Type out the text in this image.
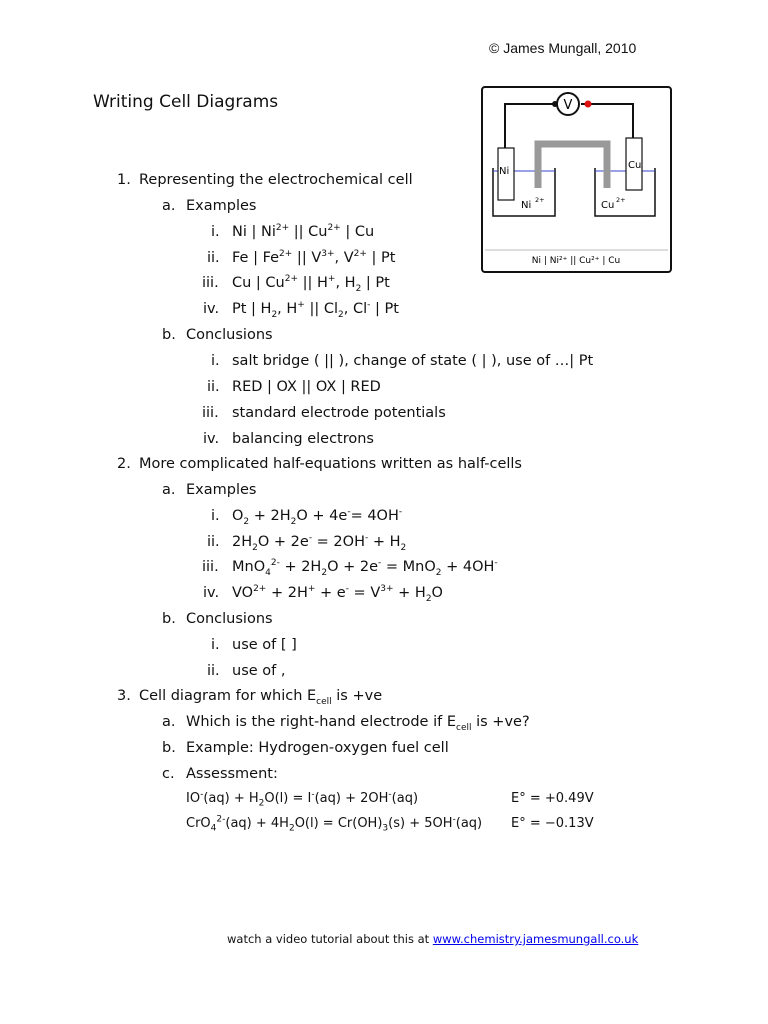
© James Mungall, 2010
Writing Cell Diagrams	V
Ni
Cu
Ni 2+	Cu 2+
Ni | Ni²⁺ || Cu²⁺ | Cu
1. Representing the electrochemical cell
a. Examples
i. Ni | $Ni^{2+}$ || $Cu^{2+}$ | Cu
ii. Fe | $Fe^{2+}$ || $V^{3+}$, $V^{2+}$ | Pt
iii. Cu | $Cu^{2+}$ || H+, $H_2$ | Pt
iv. Pt | $H_2$, H+ || $Cl_2$, Cl- | Pt
b. Conclusions
i. salt bridge ( || ), change of state ( | ), use of …| Pt
ii. RED | OX || OX | RED
iii. standard electrode potentials
iv. balancing electrons
2. More complicated half-equations written as half-cells
a. Examples
i. $O_2 + 2H_2O + 4e^-= 4OH^-$
ii. $2H_2O + 2e^- = 2OH^- + H_2$
iii. $MnO_4^{2-} + 2H_2O + 2e^- = MnO_2 + 4OH^-$
iv. $VO^{2+} + 2H^+ + e^- = V^{3+} + H_2O$
b. Conclusions
i. use of [ ]
ii. use of ,
3. Cell diagram for which $E_{cell}$ is +ve
a. Which is the right-hand electrode if $E_{cell}$ is +ve?
b. Example: Hydrogen-oxygen fuel cell
c. Assessment:
$IO^-(aq) + H_2O(l) = I^-(aq) + 2OH^-(aq)$	E° = +0.49V
$CrO_4^{2-}(aq) + 4H_2O(l) = Cr(OH)_3(s) + 5OH^-(aq) E^\circ = -0.13V$
watch a video tutorial about this at www.chemistry.jamesmungall.co.uk
